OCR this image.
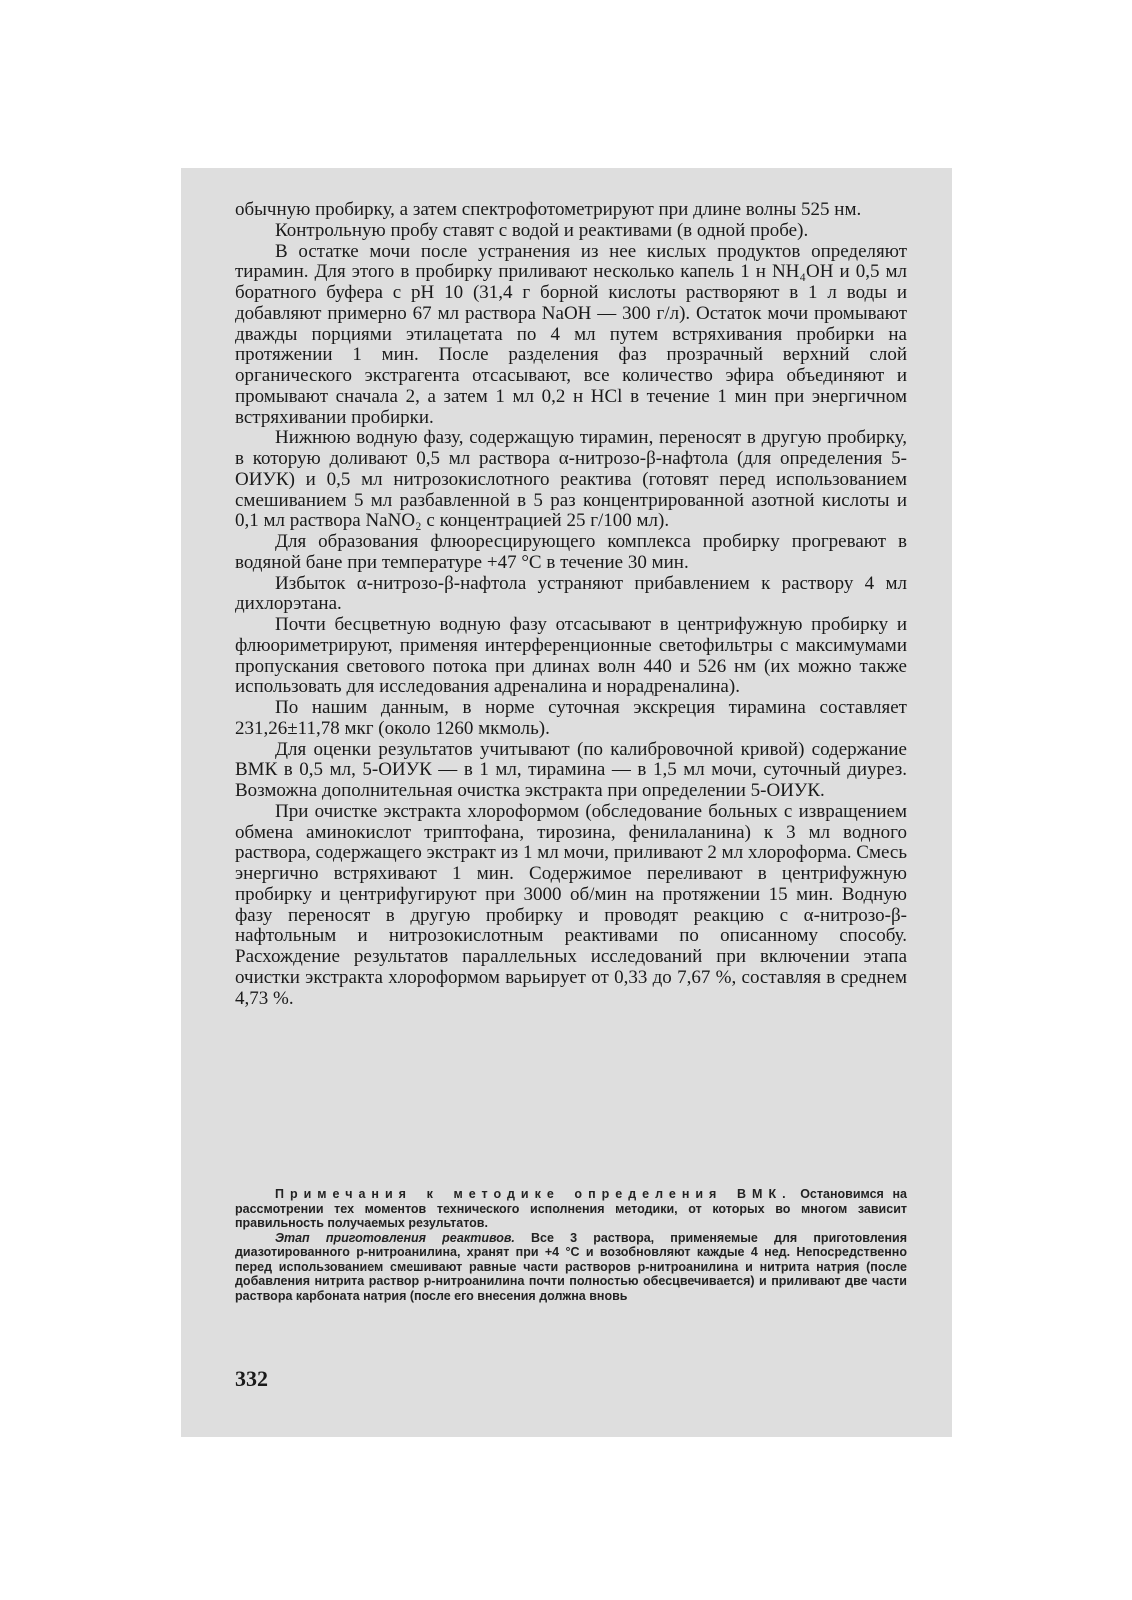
обычную пробирку, а затем спектрофотометрируют при длине волны 525 нм.

Контрольную пробу ставят с водой и реактивами (в одной пробе).

В остатке мочи после устранения из нее кислых продуктов определяют тирамин. Для этого в пробирку приливают несколько капель 1 н NH₄OH и 0,5 мл боратного буфера с pH 10 (31,4 г борной кислоты растворяют в 1 л воды и добавляют примерно 67 мл раствора NaOH — 300 г/л). Остаток мочи промывают дважды порциями этилацетата по 4 мл путем встряхивания пробирки на протяжении 1 мин. После разделения фаз прозрачный верхний слой органического экстрагента отсасывают, все количество эфира объединяют и промывают сначала 2, а затем 1 мл 0,2 н HCl в течение 1 мин при энергичном встряхивании пробирки.

Нижнюю водную фазу, содержащую тирамин, переносят в другую пробирку, в которую доливают 0,5 мл раствора α-нитрозо-β-нафтола (для определения 5-ОИУК) и 0,5 мл нитрозокислотного реактива (готовят перед использованием смешиванием 5 мл разбавленной в 5 раз концентрированной азотной кислоты и 0,1 мл раствора NaNO₂ с концентрацией 25 г/100 мл).

Для образования флюоресцирующего комплекса пробирку прогревают в водяной бане при температуре +47 °С в течение 30 мин.

Избыток α-нитрозо-β-нафтола устраняют прибавлением к раствору 4 мл дихлорэтана.

Почти бесцветную водную фазу отсасывают в центрифужную пробирку и флюориметрируют, применяя интерференционные светофильтры с максимумами пропускания светового потока при длинах волн 440 и 526 нм (их можно также использовать для исследования адреналина и норадреналина).

По нашим данным, в норме суточная экскреция тирамина составляет 231,26±11,78 мкг (около 1260 мкмоль).

Для оценки результатов учитывают (по калибровочной кривой) содержание ВМК в 0,5 мл, 5-ОИУК — в 1 мл, тирамина — в 1,5 мл мочи, суточный диурез. Возможна дополнительная очистка экстракта при определении 5-ОИУК.

При очистке экстракта хлороформом (обследование больных с извращением обмена аминокислот триптофана, тирозина, фенилаланина) к 3 мл водного раствора, содержащего экстракт из 1 мл мочи, приливают 2 мл хлороформа. Смесь энергично встряхивают 1 мин. Содержимое переливают в центрифужную пробирку и центрифугируют при 3000 об/мин на протяжении 15 мин. Водную фазу переносят в другую пробирку и проводят реакцию с α-нитрозо-β-нафтольным и нитрозокислотным реактивами по описанному способу. Расхождение результатов параллельных исследований при включении этапа очистки экстракта хлороформом варьирует от 0,33 до 7,67 %, составляя в среднем 4,73 %.

Примечания к методике определения ВМК. Остановимся на рассмотрении тех моментов технического исполнения методики, от которых во многом зависит правильность получаемых результатов.

Этап приготовления реактивов. Все 3 раствора, применяемые для приготовления диазотированного р-нитроанилина, хранят при +4 °С и возобновляют каждые 4 нед. Непосредственно перед использованием смешивают равные части растворов р-нитроанилина и нитрита натрия (после добавления нитрита раствор р-нитроанилина почти полностью обесцвечивается) и приливают две части раствора карбоната натрия (после его внесения должна вновь

332
